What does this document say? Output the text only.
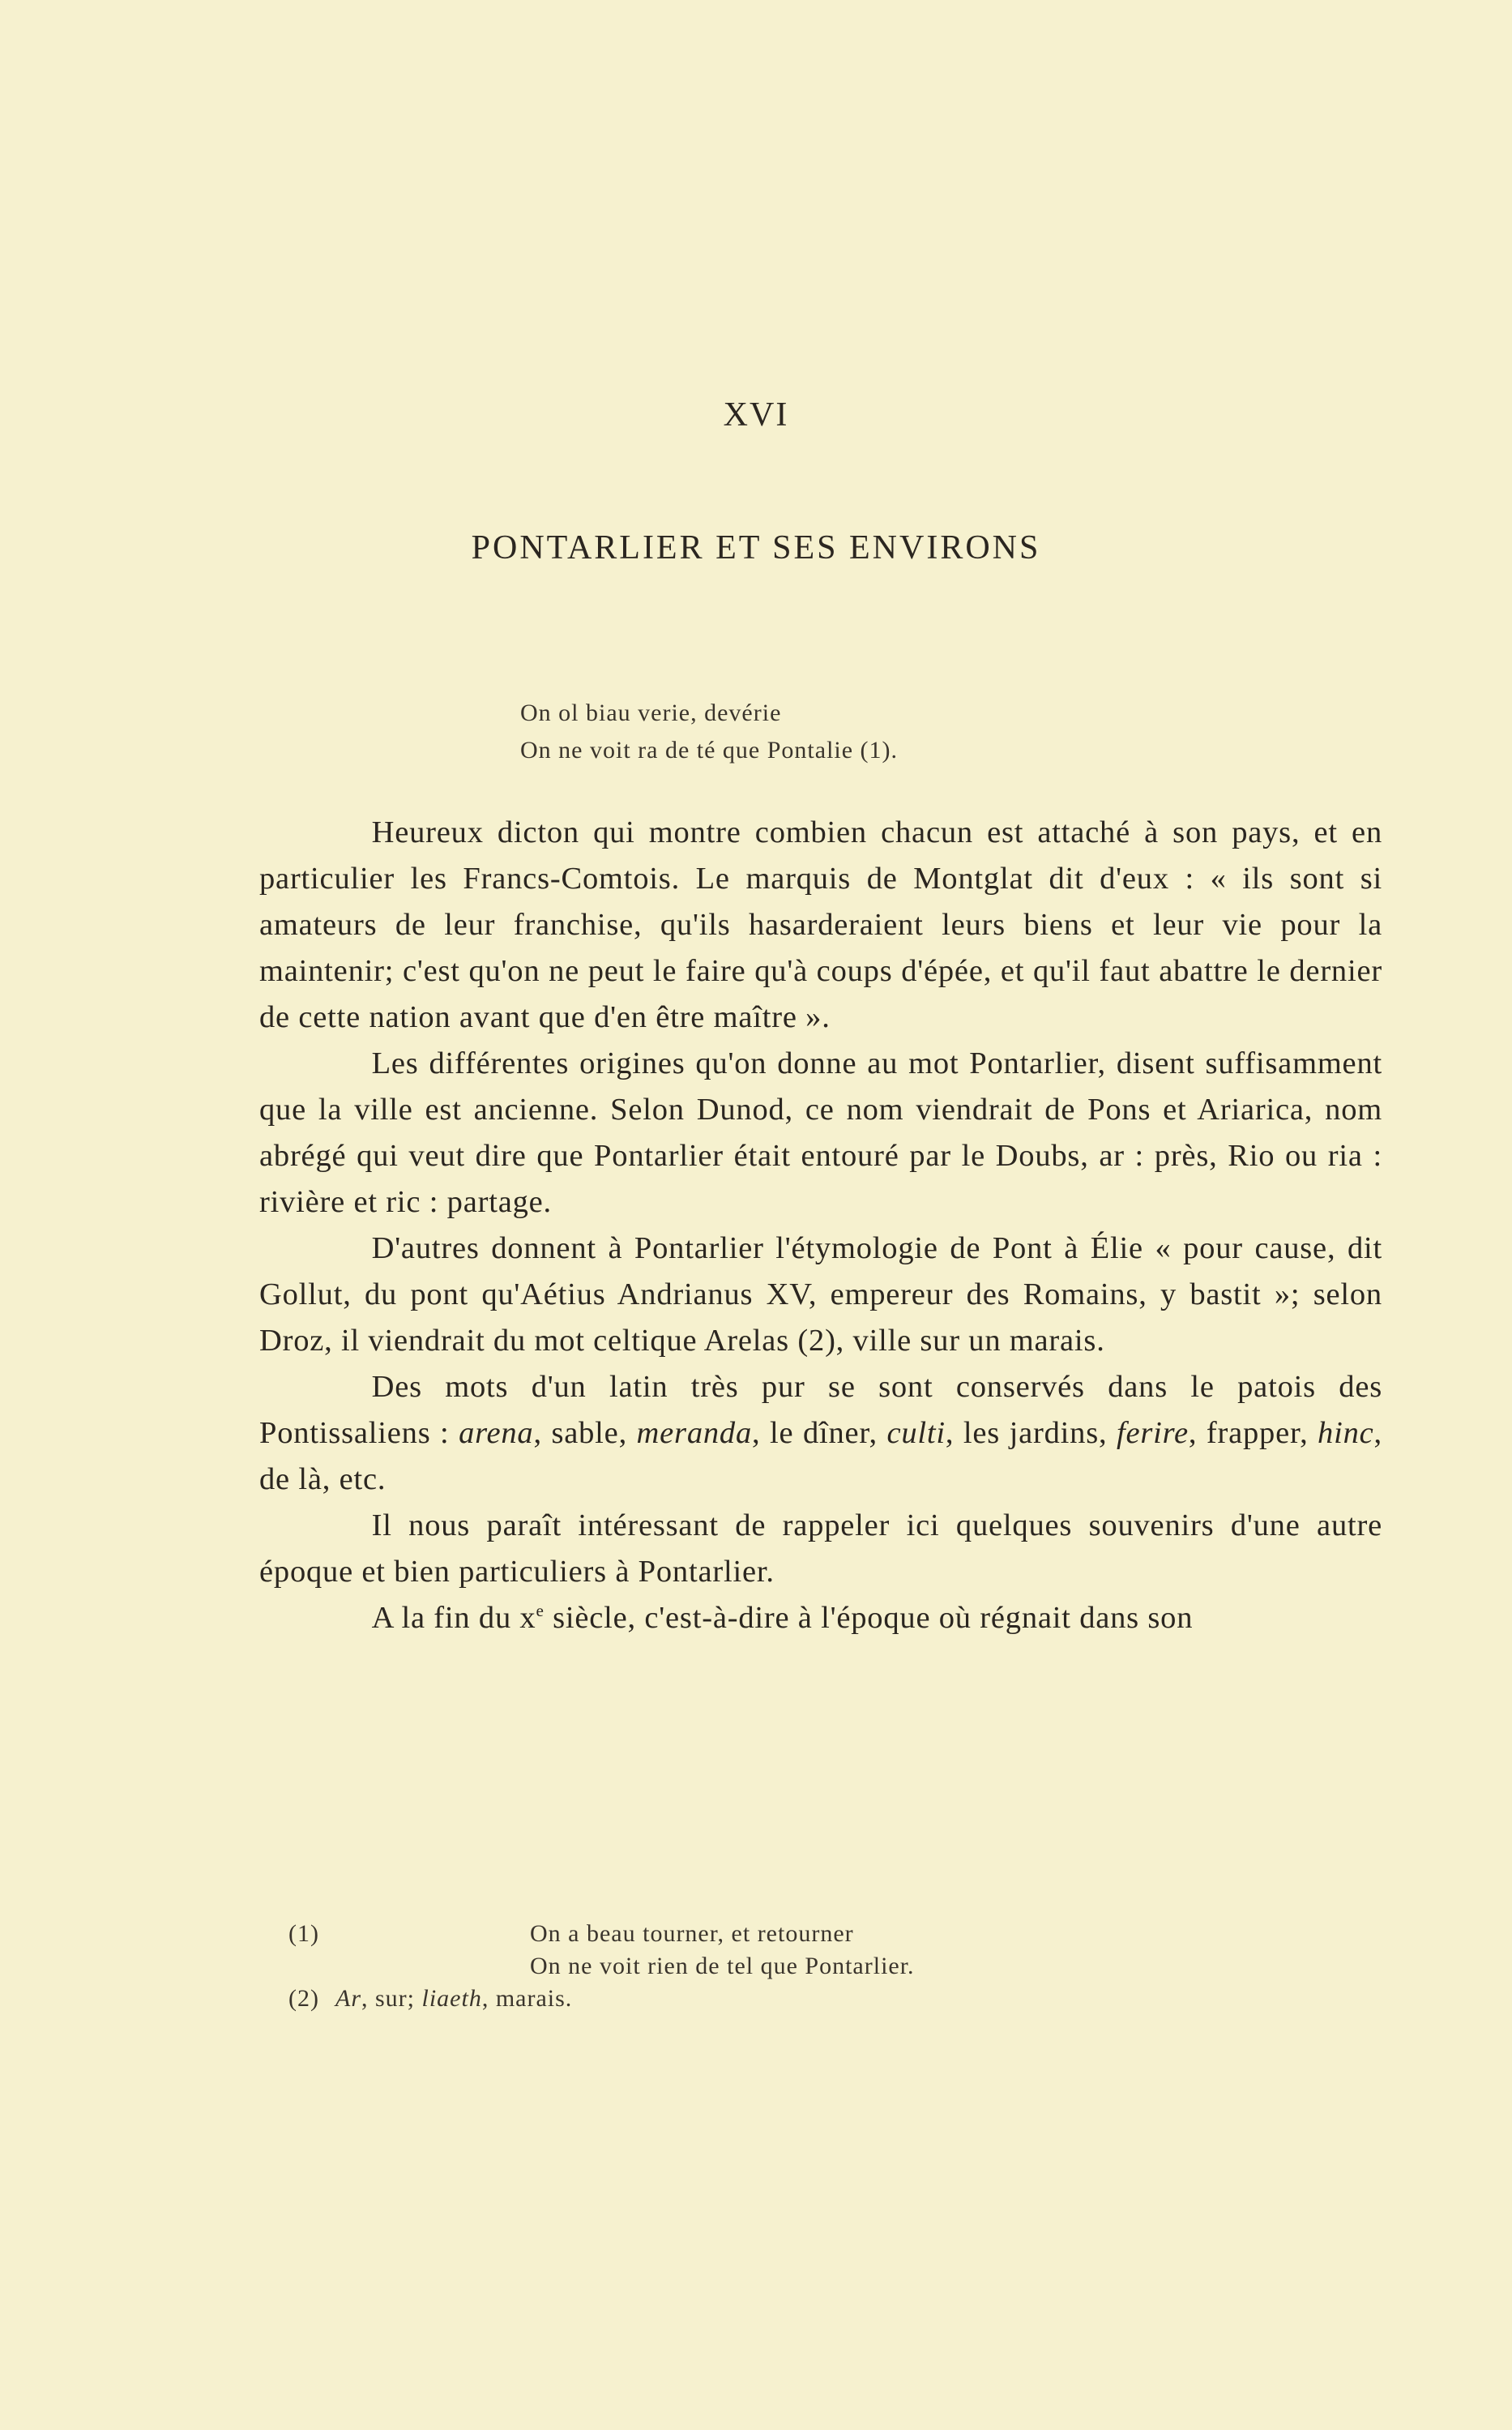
XVI
PONTARLIER ET SES ENVIRONS
On ol biau verie, devérie
On ne voit ra de té que Pontalie (1).

Heureux dicton qui montre combien chacun est attaché à son pays, et en particulier les Francs-Comtois. Le marquis de Montglat dit d'eux : « ils sont si amateurs de leur franchise, qu'ils hasarderaient leurs biens et leur vie pour la maintenir; c'est qu'on ne peut le faire qu'à coups d'épée, et qu'il faut abattre le dernier de cette nation avant que d'en être maître ».

Les différentes origines qu'on donne au mot Pontarlier, disent suffisamment que la ville est ancienne. Selon Dunod, ce nom viendrait de Pons et Ariarica, nom abrégé qui veut dire que Pontarlier était entouré par le Doubs, ar : près, Rio ou ria : rivière et ric : partage.

D'autres donnent à Pontarlier l'étymologie de Pont à Élie « pour cause, dit Gollut, du pont qu'Aétius Andrianus XV, empereur des Romains, y bastit »; selon Droz, il viendrait du mot celtique Arelas (2), ville sur un marais.

Des mots d'un latin très pur se sont conservés dans le patois des Pontissaliens : arena, sable, meranda, le dîner, culti, les jardins, ferire, frapper, hinc, de là, etc.

Il nous paraît intéressant de rappeler ici quelques souvenirs d'une autre époque et bien particuliers à Pontarlier.

A la fin du $x^e$ siècle, c'est-à-dire à l'époque où régnait dans son

(1)	On a beau tourner, et retourner
On ne voit rien de tel que Pontarlier.
(2) Ar, sur; liaeth, marais.
